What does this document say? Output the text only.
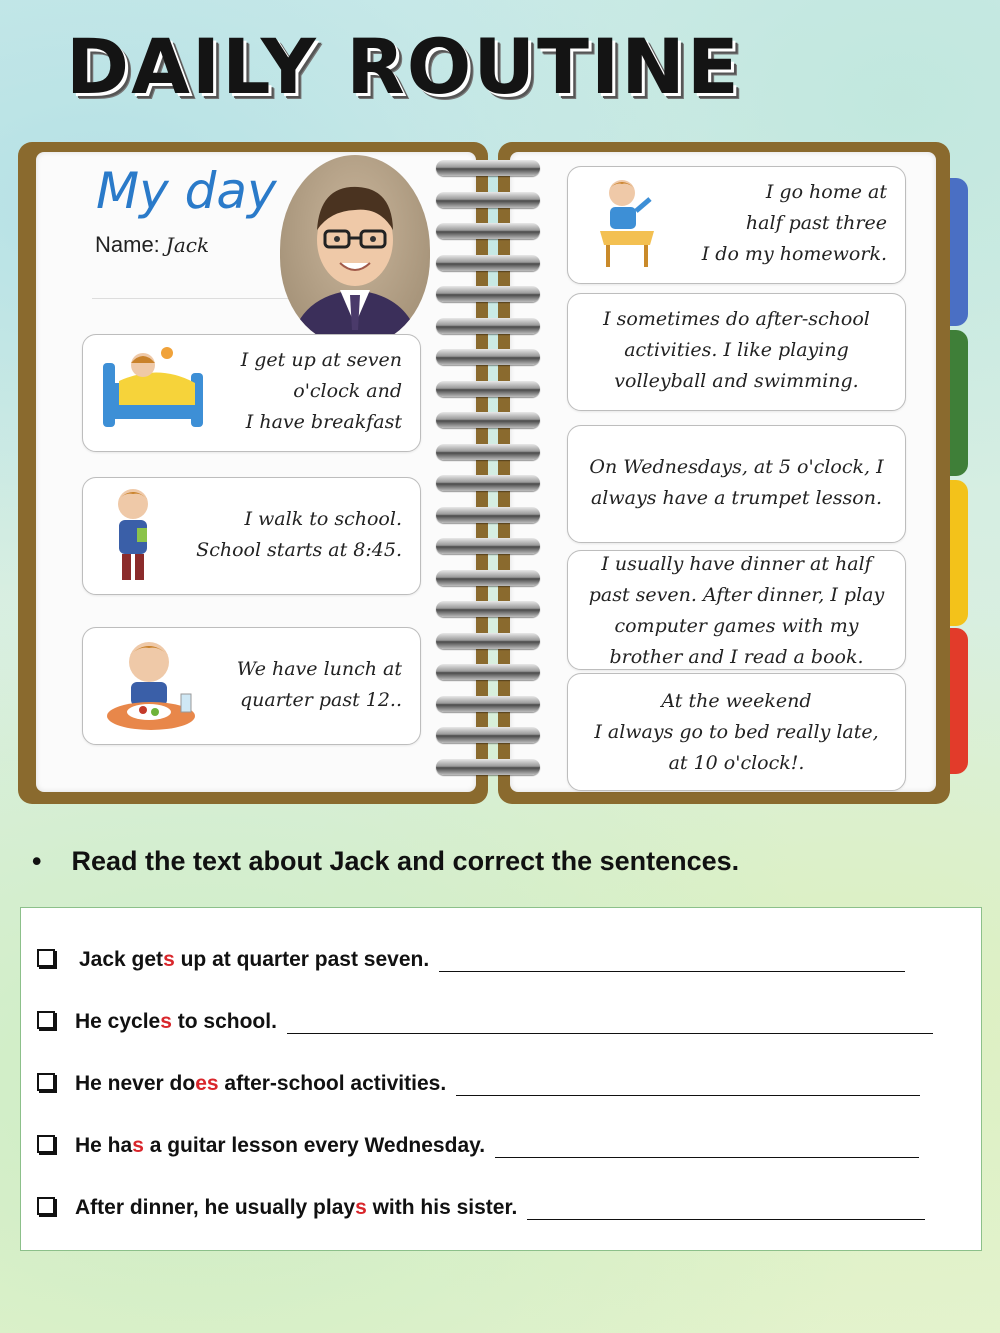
DAILY ROUTINE
My day
Name: Jack
I get up at seven
o'clock and
I have breakfast
I walk to school.
School starts at 8:45.
We have lunch at
quarter past 12..
I go home at
half past three
I do my homework.
I sometimes do after-school
activities. I like playing
volleyball and swimming.
On Wednesdays, at 5 o'clock, I
always have a trumpet lesson.
I usually have dinner at half
past seven. After dinner, I play
computer games with my
brother and I read a book.
At the weekend
I always go to bed really late,
at 10 o'clock!.
• Read the text about Jack and correct the sentences.
Jack gets up at quarter past seven.
He cycles to school.
He never does after-school activities.
He has a guitar lesson every Wednesday.
After dinner, he usually plays with his sister.
